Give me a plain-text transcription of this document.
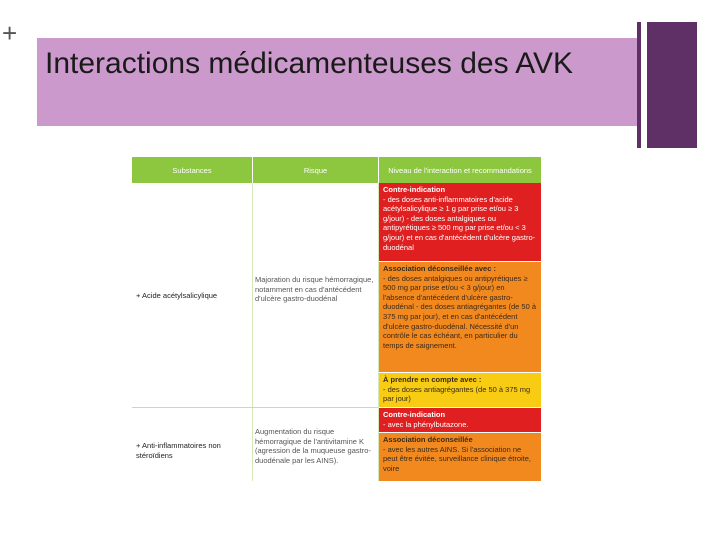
+
Interactions médicamenteuses des AVK
Substances	Risque	Niveau de l'interaction et recommandations
+ Acide acétylsalicylique
Majoration du risque hémorragique, notamment en cas d'antécédent d'ulcère gastro-duodénal
Contre-indication
- des doses anti-inflammatoires d'acide acétylsalicylique ≥ 1 g par prise et/ou ≥ 3 g/jour) - des doses antalgiques ou antipyrétiques ≥ 500 mg par prise et/ou < 3 g/jour) et en cas d'antécédent d'ulcère gastro-duodénal
Association déconseillée avec :
- des doses antalgiques ou antipyrétiques ≥ 500 mg par prise et/ou < 3 g/jour) en l'absence d'antécédent d'ulcère gastro-duodénal - des doses antiagrégantes (de 50 à 375 mg par jour), et en cas d'antécédent d'ulcère gastro-duodénal. Nécessité d'un contrôle le cas échéant, en particulier du temps de saignement.
À prendre en compte avec :
- des doses antiagrégantes (de 50 à 375 mg par jour)
+ Anti-inflammatoires non stéroïdiens
Augmentation du risque hémorragique de l'antivitamine K (agression de la muqueuse gastro-duodénale par les AINS).
Contre-indication
- avec la phénylbutazone.
Association déconseillée
- avec les autres AINS. Si l'association ne peut être évitée, surveillance clinique étroite, voire
